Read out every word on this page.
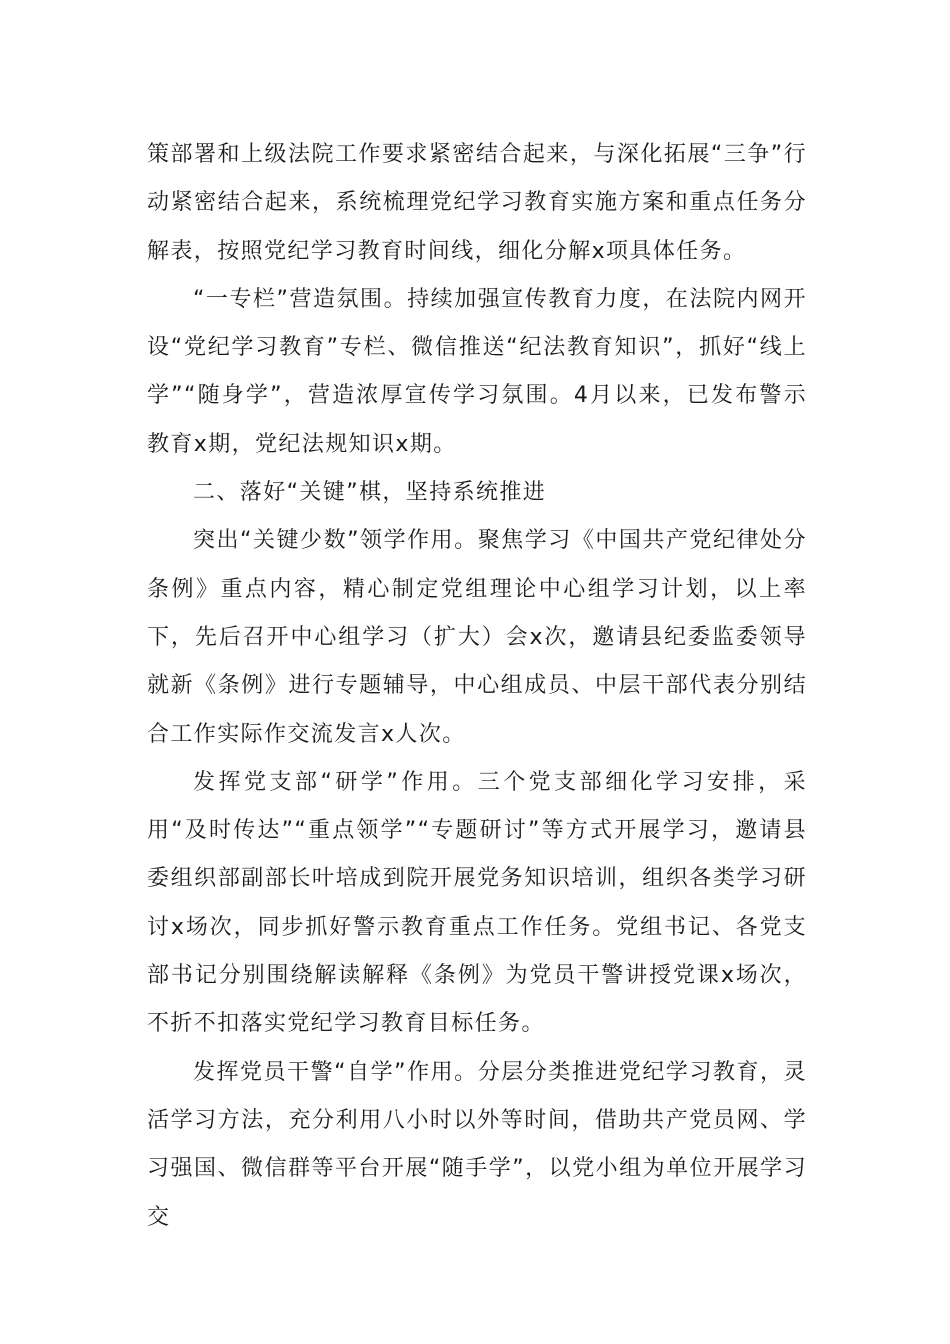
策部署和上级法院工作要求紧密结合起来，与深化拓展“三争”行动紧密结合起来，系统梳理党纪学习教育实施方案和重点任务分解表，按照党纪学习教育时间线，细化分解x项具体任务。

“一专栏”营造氛围。持续加强宣传教育力度，在法院内网开设“党纪学习教育”专栏、微信推送“纪法教育知识”，抓好“线上学”“随身学”，营造浓厚宣传学习氛围。4月以来，已发布警示教育x期，党纪法规知识x期。

二、落好“关键”棋，坚持系统推进

突出“关键少数”领学作用。聚焦学习《中国共产党纪律处分条例》重点内容，精心制定党组理论中心组学习计划，以上率下，先后召开中心组学习（扩大）会x次，邀请县纪委监委领导就新《条例》进行专题辅导，中心组成员、中层干部代表分别结合工作实际作交流发言x人次。

发挥党支部“研学”作用。三个党支部细化学习安排，采用“及时传达”“重点领学”“专题研讨”等方式开展学习，邀请县委组织部副部长叶培成到院开展党务知识培训，组织各类学习研讨x场次，同步抓好警示教育重点工作任务。党组书记、各党支部书记分别围绕解读解释《条例》为党员干警讲授党课x场次，不折不扣落实党纪学习教育目标任务。

发挥党员干警“自学”作用。分层分类推进党纪学习教育，灵活学习方法，充分利用八小时以外等时间，借助共产党员网、学习强国、微信群等平台开展“随手学”，以党小组为单位开展学习交
